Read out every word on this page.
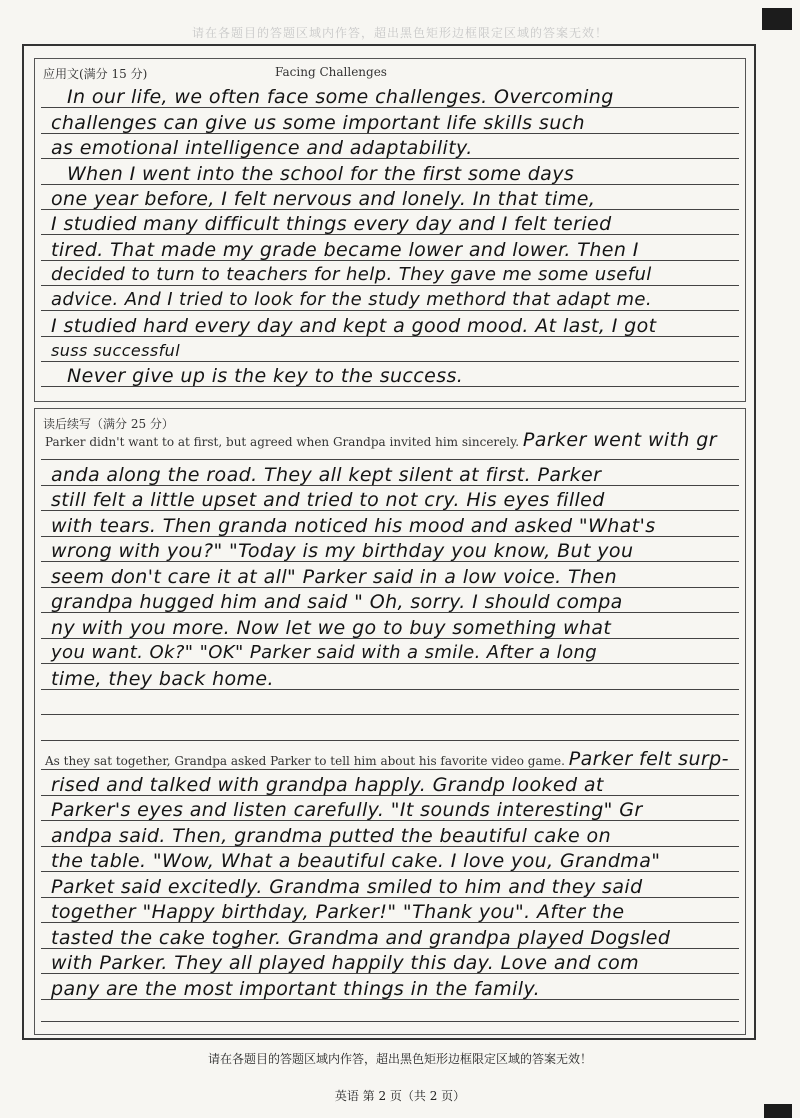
请在各题目的答题区域内作答，超出黑色矩形边框限定区域的答案无效！
应用文(满分 15 分)	Facing Challenges
In our life, we often face some challenges. Overcoming
challenges can give us some important life skills such
as emotional intelligence and adaptability.
When I went into the school for the first some days
one year before, I felt nervous and lonely. In that time,
I studied many difficult things every day and I felt teried
tired. That made my grade became lower and lower. Then I
decided to turn to teachers for help. They gave me some useful
advice. And I tried to look for the study methord that adapt me.
I studied hard every day and kept a good mood. At last, I got
suss successful
Never give up is the key to the success.
读后续写（满分 25 分）
Parker didn't want to at first, but agreed when Grandpa invited him sincerely. Parker went with gr
anda along the road. They all kept silent at first. Parker
still felt a little upset and tried to not cry. His eyes filled
with tears. Then granda noticed his mood and asked "What's
wrong with you?" "Today is my birthday you know, But you
seem don't care it at all" Parker said in a low voice. Then
grandpa hugged him and said " Oh, sorry. I should compa
ny with you more. Now let we go to buy something what
you want. Ok?" "OK" Parker said with a smile. After a long
time, they back home.
As they sat together, Grandpa asked Parker to tell him about his favorite video game. Parker felt surp-
rised and talked with grandpa happly. Grandp looked at
Parker's eyes and listen carefully. "It sounds interesting" Gr
andpa said. Then, grandma putted the beautiful cake on
the table. "Wow, What a beautiful cake. I love you, Grandma"
Parket said excitedly. Grandma smiled to him and they said
together "Happy birthday, Parker!" "Thank you". After the
tasted the cake togher. Grandma and grandpa played Dogsled
with Parker. They all played happily this day. Love and com
pany are the most important things in the family.
请在各题目的答题区域内作答，超出黑色矩形边框限定区域的答案无效！
英语 第 2 页（共 2 页）
